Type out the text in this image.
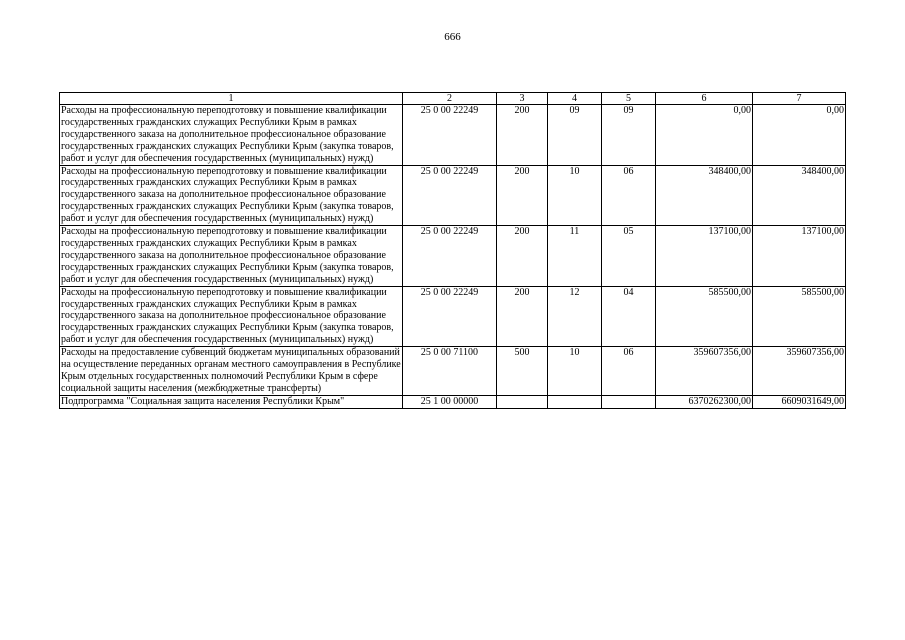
666
1	2	3	4	5	6	7
Расходы на профессиональную переподготовку и повышение квалификации государственных гражданских служащих Республики Крым в рамках государственного заказа на дополнительное профессиональное образование государственных гражданских служащих Республики Крым (закупка товаров, работ и услуг для обеспечения государственных (муниципальных) нужд)	25 0 00 22249	200	09	09	0,00	0,00
Расходы на профессиональную переподготовку и повышение квалификации государственных гражданских служащих Республики Крым в рамках государственного заказа на дополнительное профессиональное образование государственных гражданских служащих Республики Крым (закупка товаров, работ и услуг для обеспечения государственных (муниципальных) нужд)	25 0 00 22249	200	10	06	348400,00	348400,00
Расходы на профессиональную переподготовку и повышение квалификации государственных гражданских служащих Республики Крым в рамках государственного заказа на дополнительное профессиональное образование государственных гражданских служащих Республики Крым (закупка товаров, работ и услуг для обеспечения государственных (муниципальных) нужд)	25 0 00 22249	200	11	05	137100,00	137100,00
Расходы на профессиональную переподготовку и повышение квалификации государственных гражданских служащих Республики Крым в рамках государственного заказа на дополнительное профессиональное образование государственных гражданских служащих Республики Крым (закупка товаров, работ и услуг для обеспечения государственных (муниципальных) нужд)	25 0 00 22249	200	12	04	585500,00	585500,00
Расходы на предоставление субвенций бюджетам муниципальных образований на осуществление переданных органам местного самоуправления в Республике Крым отдельных государственных полномочий Республики Крым в сфере социальной защиты населения (межбюджетные трансферты)	25 0 00 71100	500	10	06	359607356,00	359607356,00
Подпрограмма "Социальная защита населения Республики Крым"	25 1 00 00000				6370262300,00	6609031649,00
